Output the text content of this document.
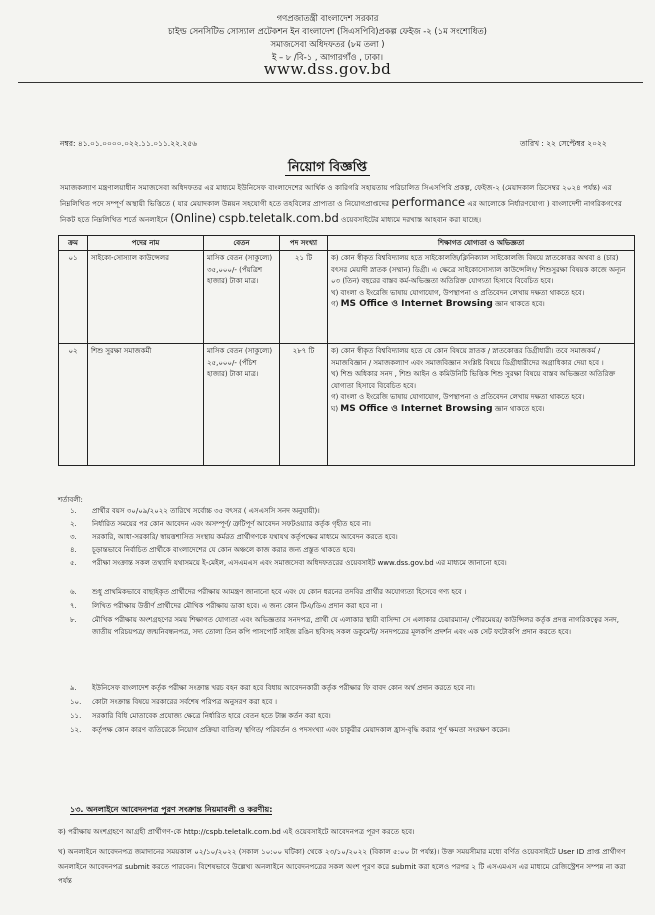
গণপ্রজাতন্ত্রী বাংলাদেশ সরকার
চাইল্ড সেনসিটিভ সোস্যাল প্রটেকশন ইন বাংলাদেশ (সিএসপিবি)প্রকল্প ফেইজ -২ (১ম সংশোধিত)
সমাজসেবা অধিদফতর (৮ম তলা )
ই – ৮ /বি-১ , আগারগাঁও , ঢাকা।
www.dss.gov.bd
নম্বর: ৪১.০১.০০০০.০২২.১১.০১১.২২.২৫৬	তারিখ : ২২ সেপ্টেম্বর ২০২২
নিয়োগ বিজ্ঞপ্তি
সমাজকল্যাণ মন্ত্রণালয়াধীন সমাজসেবা অধিদফতর এর মাধ্যমে ইউনিসেফ বাংলাদেশের আর্থিক ও কারিগরি সহায়তায় পরিচালিত সিএসপিবি প্রকল্প, ফেইজ-২ (মেয়াদকাল ডিসেম্বর ২০২৪ পর্যন্ত) এর নিম্নলিখিত পদে সম্পূর্ণ অস্থায়ী ভিত্তিতে ( যার মেয়াদকাল উন্নয়ন সহযোগী হতে তহবিলের প্রাপ্যতা ও নিয়োগপ্রাপ্তদের performance এর আলোকে নির্ধারণযোগ্য ) বাংলাদেশী নাগরিকগণের নিকট হতে নিম্নলিখিত শর্তে অনলাইনে (Online) cspb.teletalk.com.bd ওয়েবসাইটের মাধ্যমে দরখাস্ত আহবান করা যাচ্ছে।
ক্রম	পদের নাম	বেতন	পদ সংখ্যা	শিক্ষাগত যোগ্যতা ও অভিজ্ঞতা
০১	সাইকো-সোস্যাল কাউন্সেলর	মাসিক বেতন (সাকুল্যে) ৩৫,০০০/- (পঁয়ত্রিশ হাজার) টাকা মাত্র।	২১ টি	ক) কোন স্বীকৃত বিশ্ববিদ্যালয় হতে সাইকোলজি/ক্লিনিক্যাল সাইকোলজি বিষয়ে স্নাতকোত্তর অথবা ৪ (চার) বৎসর মেয়াদী স্নাতক (সম্মান) ডিগ্রী। এ ক্ষেত্রে সাইকোসোস্যাল কাউন্সেলিং/ শিশুসুরক্ষা বিষয়ক কাজে অন্যূন ০৩ (তিন) বছরের বাস্তব কর্ম-অভিজ্ঞতা অতিরিক্ত যোগ্যতা হিসাবে বিবেচিত হবে।
খ) বাংলা ও ইংরেজি ভাষায় যোগাযোগ, উপস্থাপনা ও প্রতিবেদন লেখায় দক্ষতা থাকতে হবে।
গ) MS Office ও Internet Browsing জ্ঞান থাকতে হবে।

০২	শিশু সুরক্ষা সমাজকর্মী	মাসিক বেতন (সাকুল্যে) ২৫,০০০/- (পঁচিশ হাজার) টাকা মাত্র।	২৮৭ টি	ক) কোন স্বীকৃত বিশ্ববিদ্যালয় হতে যে কোন বিষয়ে স্নাতক / স্নাতকোত্তর ডিগ্রীধারী। তবে সমাজকর্ম /সমাজবিজ্ঞান / সমাজকল্যাণ এবং সমাজবিজ্ঞান সংশ্লিষ্ট বিষয়ে ডিগ্রীধারীদের অগ্রাধিকার দেয়া হবে ।
খ) শিশু অধিকার সনদ , শিশু আইন ও কমিউনিটি ভিত্তিক শিশু সুরক্ষা বিষয়ে বাস্তব অভিজ্ঞতা অতিরিক্ত যোগ্যতা হিসাবে বিবেচিত হবে।
গ) বাংলা ও ইংরেজি ভাষায় যোগাযোগ, উপস্থাপনা ও প্রতিবেদন লেখায় দক্ষতা থাকতে হবে।
ঘ) MS Office ও Internet Browsing জ্ঞান থাকতে হবে।
শর্তাবলী:
১. প্রার্থীর বয়স ৩০/০৯/২০২২ তারিখে সর্বোচ্চ ৩৫ বৎসর ( এসএসসি সনদ অনুযায়ী)।
২. নির্ধারিত সময়ের পর কোন আবেদন এবং অসম্পূর্ণ/ ত্রুটিপূর্ণ আবেদন সফটওয়্যার কর্তৃক গৃহীত হবে না।
৩. সরকারি, আধা-সরকারি/ স্বায়ত্তশাসিত সংস্থায় কর্মরত প্রার্থীগণকে যথাযথ কর্তৃপক্ষের মাধ্যমে আবেদন করতে হবে।
৪. চূড়ান্তভাবে নির্বাচিত প্রার্থীকে বাংলাদেশের যে কোন অঞ্চলে কাজ করার জন্য প্রস্তুত থাকতে হবে।
৫. পরীক্ষা সংক্রান্ত সকল তথ্যাদি যথাসময়ে ই-মেইল, এসএমএস এবং সমাজসেবা অধিদফতরের ওয়েবসাইট www.dss.gov.bd এর মাধ্যমে জানানো হবে।
৬. শুধু প্রাথমিকভাবে বাছাইকৃত প্রার্থীদের পরীক্ষায় আমন্ত্রণ জানানো হবে এবং যে কোন ধরনের তদবির প্রার্থীর অযোগ্যতা হিসেবে গণ্য হবে ।
৭. লিখিত পরীক্ষায় উত্তীর্ণ প্রার্থীদের মৌখিক পরীক্ষায় ডাকা হবে। এ জন্য কোন টিএ/ডিএ প্রদান করা হবে না ।
৮. মৌখিক পরীক্ষায় অংশগ্রহণের সময় শিক্ষাগত যোগ্যতা এবং অভিজ্ঞতার সনদপত্র, প্রার্থী যে এলাকার স্থায়ী বাসিন্দা সে এলাকার চেয়ারম্যান/ পৌরমেয়র/ কাউন্সিলর কর্তৃক প্রদত্ত নাগরিকত্বের সনদ, জাতীয় পরিচয়পত্র/ জন্মনিবন্ধনপত্র, সদ্য তোলা তিন কপি পাসপোর্ট সাইজ রঙিন ছবিসহ সকল ডকুমেন্ট/ সনদপত্রের মূলকপি প্রদর্শন এবং এক সেট ফটোকপি প্রদান করতে হবে।
৯. ইউনিসেফ বাংলাদেশ কর্তৃক পরীক্ষা সংক্রান্ত খরচ বহন করা হবে বিধায় আবেদনকারী কর্তৃক পরীক্ষার ফি বাবদ কোন অর্থ প্রদান করতে হবে না।
১০. কোটা সংক্রান্ত বিষয়ে সরকারের সর্বশেষ পরিপত্র অনুসরণ করা হবে ।
১১. সরকারি বিধি মোতাবেক প্রযোজ্য ক্ষেত্রে নির্ধারিত হারে বেতন হতে টাক্স কর্তন করা হবে।
১২. কর্তৃপক্ষ কোন কারণ ব্যতিরেকে নিয়োগ প্রক্রিয়া বাতিল/ স্থগিত/ পরিবর্তন ও পদসংখ্যা এবং চাকুরীর মেয়াদকাল হ্রাস-বৃদ্ধি করার পূর্ণ ক্ষমতা সংরক্ষণ করেন।
১৩. অনলাইনে আবেদনপত্র পূরণ সংক্রান্ত নিয়মাবলী ও করণীয়:
ক) পরীক্ষায় অংশগ্রহণে আগ্রহী প্রার্থীগণ-কে http://cspb.teletalk.com.bd এই ওয়েবসাইটে আবেদনপত্র পূরণ করতে হবে।
খ) অনলাইনে আবেদনপত্র জমাদানের সময়কাল ০২/১০/২০২২ (সকাল ১০:০০ ঘটিকা) থেকে ২৩/১০/২০২২ (বিকাল ৫:০০ টা পর্যন্ত)। উক্ত সময়সীমার মধ্যে বর্ণিত ওয়েবসাইটে User ID প্রাপ্ত প্রার্থীগণ অনলাইনে আবেদনপত্র submit করতে পারবেন। বিশেষভাবে উল্লেখ্য অনলাইনে আবেদনপত্রের সকল অংশ পূরণ করে submit করা হলেও পরপর ২ টি এসএমএস এর মাধ্যমে রেজিস্ট্রেশন সম্পন্ন না করা পর্যন্ত
